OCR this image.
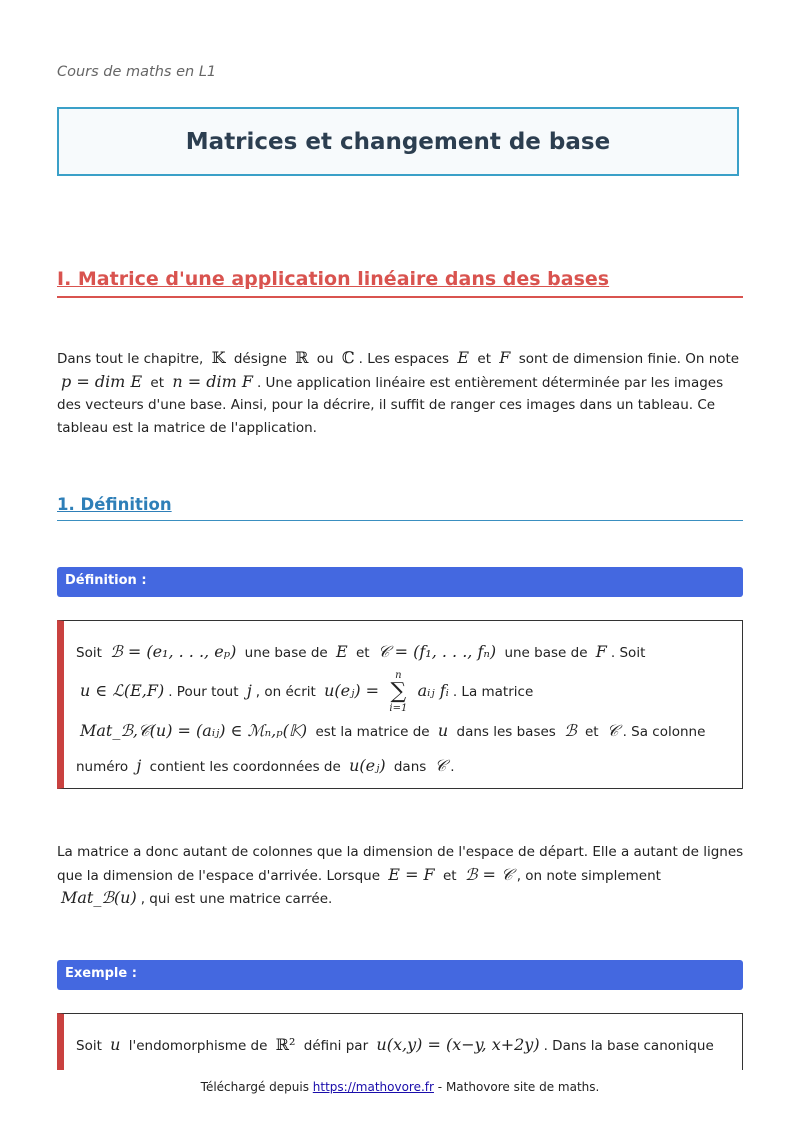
Cours de maths en L1
Matrices et changement de base
I. Matrice d'une application linéaire dans des bases
Dans tout le chapitre, 𝕂 désigne ℝ ou ℂ . Les espaces E et F sont de dimension finie. On note p = dim E et n = dim F . Une application linéaire est entièrement déterminée par les images des vecteurs d'une base. Ainsi, pour la décrire, il suffit de ranger ces images dans un tableau. Ce tableau est la matrice de l'application.
1. Définition
Définition :
Soit ℬ = (e₁, . . ., eₚ) une base de E et 𝒞 = (f₁, . . ., fₙ) une base de F . Soit
u ∈ ℒ(E,F) . Pour tout j , on écrit u(eⱼ) =
n
∑
i=1
aᵢⱼ fᵢ . La matrice
Mat_ℬ,𝒞(u) = (aᵢⱼ) ∈ ℳₙ,ₚ(𝕂) est la matrice de u dans les bases ℬ et 𝒞 . Sa colonne numéro j contient les coordonnées de u(eⱼ) dans 𝒞 .
La matrice a donc autant de colonnes que la dimension de l'espace de départ. Elle a autant de lignes que la dimension de l'espace d'arrivée. Lorsque E = F et ℬ = 𝒞 , on note simplement Mat_ℬ(u) , qui est une matrice carrée.
Exemple :
Soit u l'endomorphisme de ℝ² défini par u(x,y) = (x−y, x+2y) . Dans la base canonique
Téléchargé depuis https://mathovore.fr - Mathovore site de maths.
